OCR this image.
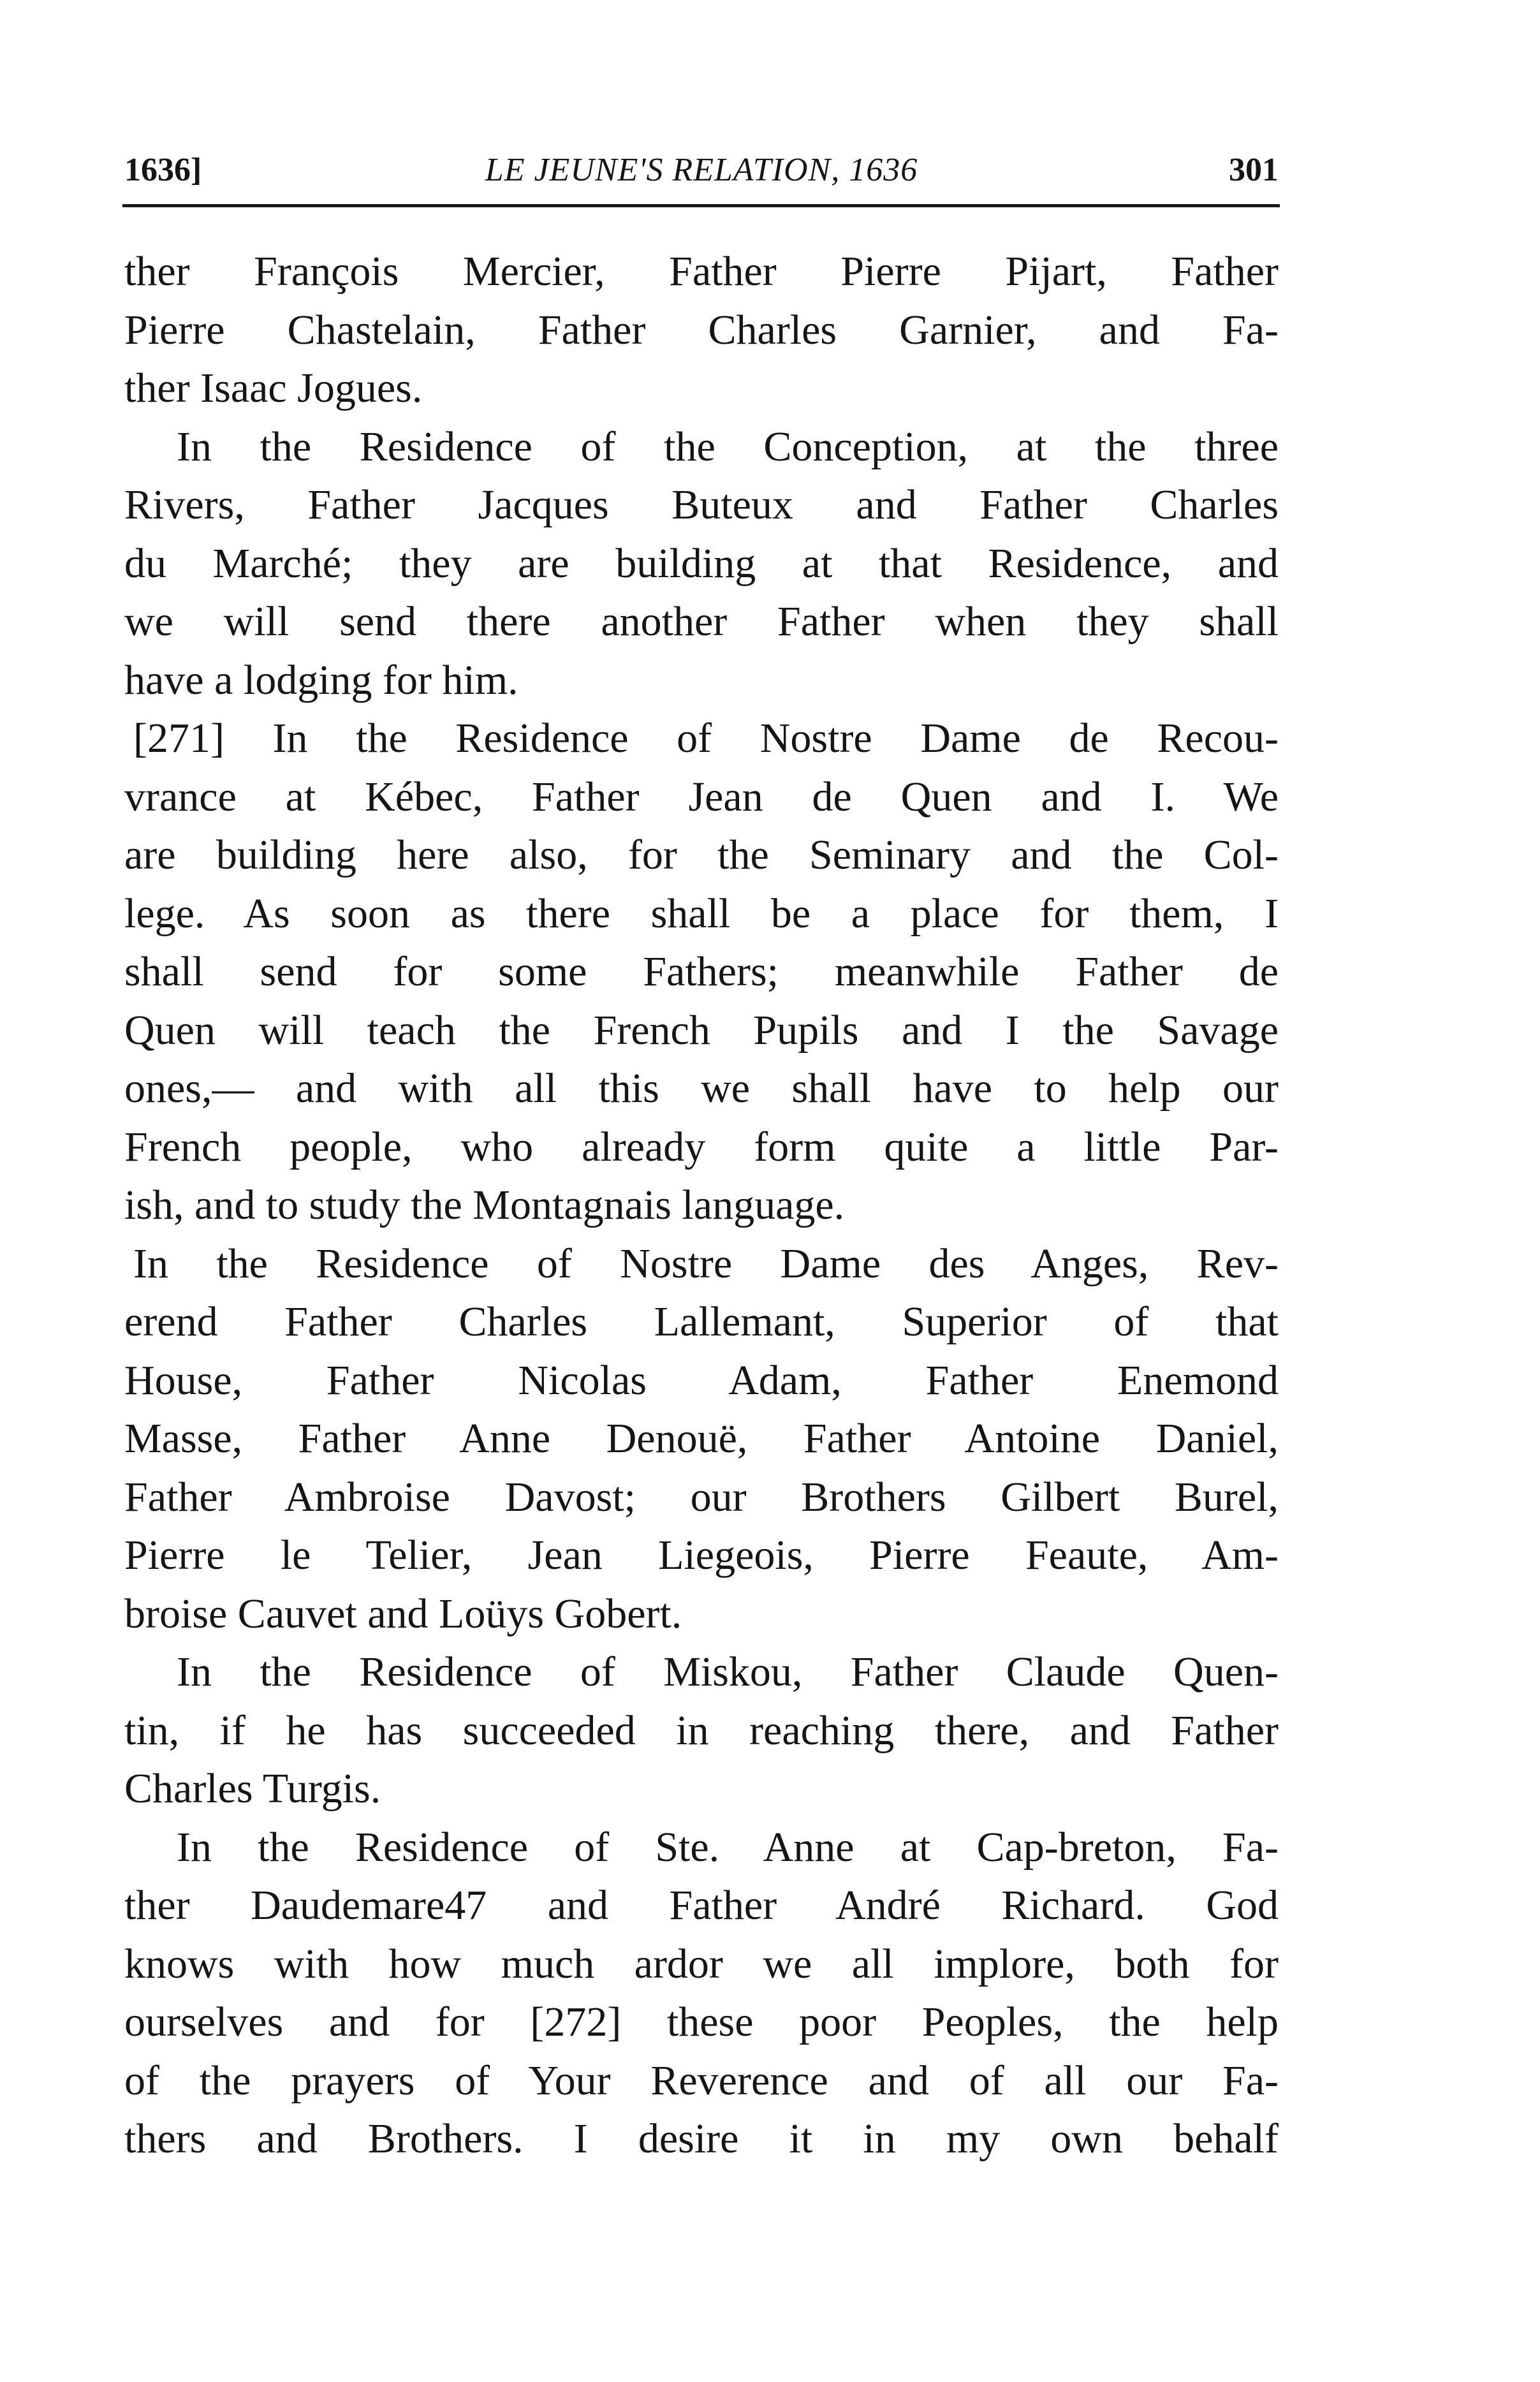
1636]	LE JEUNE'S RELATION, 1636	301
ther François Mercier, Father Pierre Pijart, Father
Pierre Chastelain, Father Charles Garnier, and Fa-
ther Isaac Jogues.
In the Residence of the Conception, at the three
Rivers, Father Jacques Buteux and Father Charles
du Marché; they are building at that Residence, and
we will send there another Father when they shall
have a lodging for him.
[271] In the Residence of Nostre Dame de Recou-
vrance at Kébec, Father Jean de Quen and I. We
are building here also, for the Seminary and the Col-
lege. As soon as there shall be a place for them, I
shall send for some Fathers; meanwhile Father de
Quen will teach the French Pupils and I the Savage
ones,— and with all this we shall have to help our
French people, who already form quite a little Par-
ish, and to study the Montagnais language.
In the Residence of Nostre Dame des Anges, Rev-
erend Father Charles Lallemant, Superior of that
House, Father Nicolas Adam, Father Enemond
Masse, Father Anne Denouë, Father Antoine Daniel,
Father Ambroise Davost; our Brothers Gilbert Burel,
Pierre le Telier, Jean Liegeois, Pierre Feaute, Am-
broise Cauvet and Loüys Gobert.
In the Residence of Miskou, Father Claude Quen-
tin, if he has succeeded in reaching there, and Father
Charles Turgis.
In the Residence of Ste. Anne at Cap-breton, Fa-
ther Daudemare47 and Father André Richard. God
knows with how much ardor we all implore, both for
ourselves and for [272] these poor Peoples, the help
of the prayers of Your Reverence and of all our Fa-
thers and Brothers. I desire it in my own behalf
